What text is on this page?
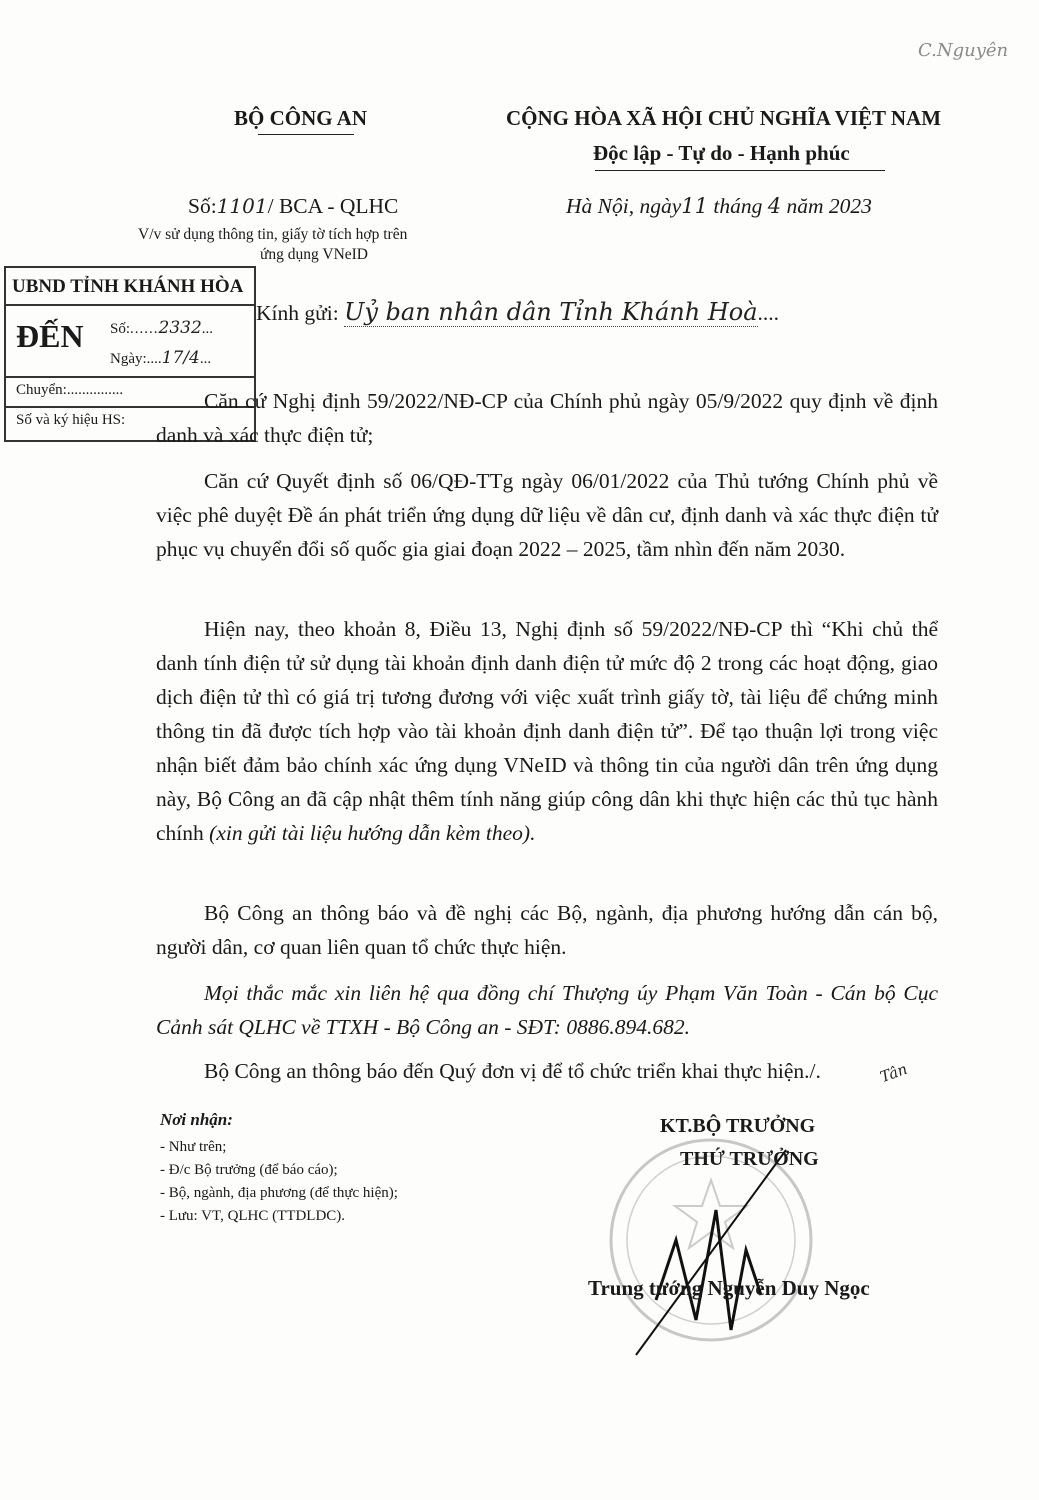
C.Nguyên
BỘ CÔNG AN	CỘNG HÒA XÃ HỘI CHỦ NGHĨA VIỆT NAM
Độc lập - Tự do - Hạnh phúc
Số:1101/ BCA - QLHC
V/v sử dụng thông tin, giấy tờ tích hợp trên
ứng dụng VNeID
Hà Nội, ngày11 tháng 4 năm 2023
UBND TỈNH KHÁNH HÒA
ĐẾN Số:......2332...
Ngày:....17/4...
Chuyển:...............
Số và ký hiệu HS:
Kính gửi: Uỷ ban nhân dân Tỉnh Khánh Hoà....
Căn cứ Nghị định 59/2022/NĐ-CP của Chính phủ ngày 05/9/2022 quy định về định danh và xác thực điện tử;
Căn cứ Quyết định số 06/QĐ-TTg ngày 06/01/2022 của Thủ tướng Chính phủ về việc phê duyệt Đề án phát triển ứng dụng dữ liệu về dân cư, định danh và xác thực điện tử phục vụ chuyển đổi số quốc gia giai đoạn 2022 – 2025, tầm nhìn đến năm 2030.
Hiện nay, theo khoản 8, Điều 13, Nghị định số 59/2022/NĐ-CP thì “Khi chủ thể danh tính điện tử sử dụng tài khoản định danh điện tử mức độ 2 trong các hoạt động, giao dịch điện tử thì có giá trị tương đương với việc xuất trình giấy tờ, tài liệu để chứng minh thông tin đã được tích hợp vào tài khoản định danh điện tử”. Để tạo thuận lợi trong việc nhận biết đảm bảo chính xác ứng dụng VNeID và thông tin của người dân trên ứng dụng này, Bộ Công an đã cập nhật thêm tính năng giúp công dân khi thực hiện các thủ tục hành chính (xin gửi tài liệu hướng dẫn kèm theo).
Bộ Công an thông báo và đề nghị các Bộ, ngành, địa phương hướng dẫn cán bộ, người dân, cơ quan liên quan tổ chức thực hiện.
Mọi thắc mắc xin liên hệ qua đồng chí Thượng úy Phạm Văn Toàn - Cán bộ Cục Cảnh sát QLHC về TTXH - Bộ Công an - SĐT: 0886.894.682.
Bộ Công an thông báo đến Quý đơn vị để tổ chức triển khai thực hiện./.	Tân
Nơi nhận:
- Như trên;
- Đ/c Bộ trưởng (để báo cáo);
- Bộ, ngành, địa phương (để thực hiện);
- Lưu: VT, QLHC (TTDLDC).
KT.BỘ TRƯỞNG
THỨ TRƯỞNG
Trung tướng Nguyễn Duy Ngọc
